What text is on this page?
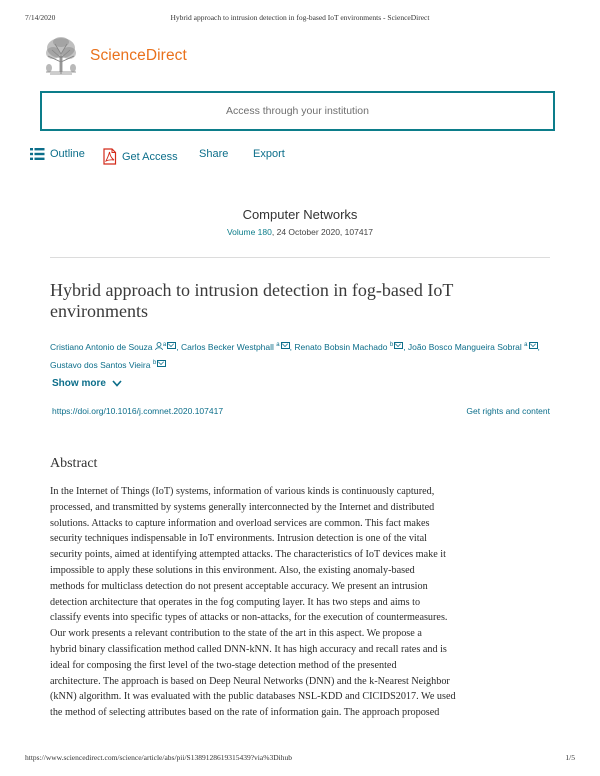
7/14/2020	Hybrid approach to intrusion detection in fog-based IoT environments - ScienceDirect
ScienceDirect
Access through your institution
Outline	Get Access Share Export
Computer Networks
Volume 180, 24 October 2020, 107417
Hybrid approach to intrusion detection in fog-based IoT environments
Cristiano Antonio de Souza $^a$ , Carlos Becker Westphall $^a$ , Renato Bobsin Machado $^b$ , João Bosco Mangueira Sobral $^a$ , Gustavo dos Santos Vieira $^b$
Show more
https://doi.org/10.1016/j.comnet.2020.107417	Get rights and content
Abstract
In the Internet of Things (IoT) systems, information of various kinds is continuously captured,
processed, and transmitted by systems generally interconnected by the Internet and distributed
solutions. Attacks to capture information and overload services are common. This fact makes
security techniques indispensable in IoT environments. Intrusion detection is one of the vital
security points, aimed at identifying attempted attacks. The characteristics of IoT devices make it
impossible to apply these solutions in this environment. Also, the existing anomaly-based
methods for multiclass detection do not present acceptable accuracy. We present an intrusion
detection architecture that operates in the fog computing layer. It has two steps and aims to
classify events into specific types of attacks or non-attacks, for the execution of countermeasures.
Our work presents a relevant contribution to the state of the art in this aspect. We propose a
hybrid binary classification method called DNN-kNN. It has high accuracy and recall rates and is
ideal for composing the first level of the two-stage detection method of the presented
architecture. The approach is based on Deep Neural Networks (DNN) and the k-Nearest Neighbor
(kNN) algorithm. It was evaluated with the public databases NSL-KDD and CICIDS2017. We used
the method of selecting attributes based on the rate of information gain. The approach proposed
https://www.sciencedirect.com/science/article/abs/pii/S1389128619315439?via%3Dihub	1/5
